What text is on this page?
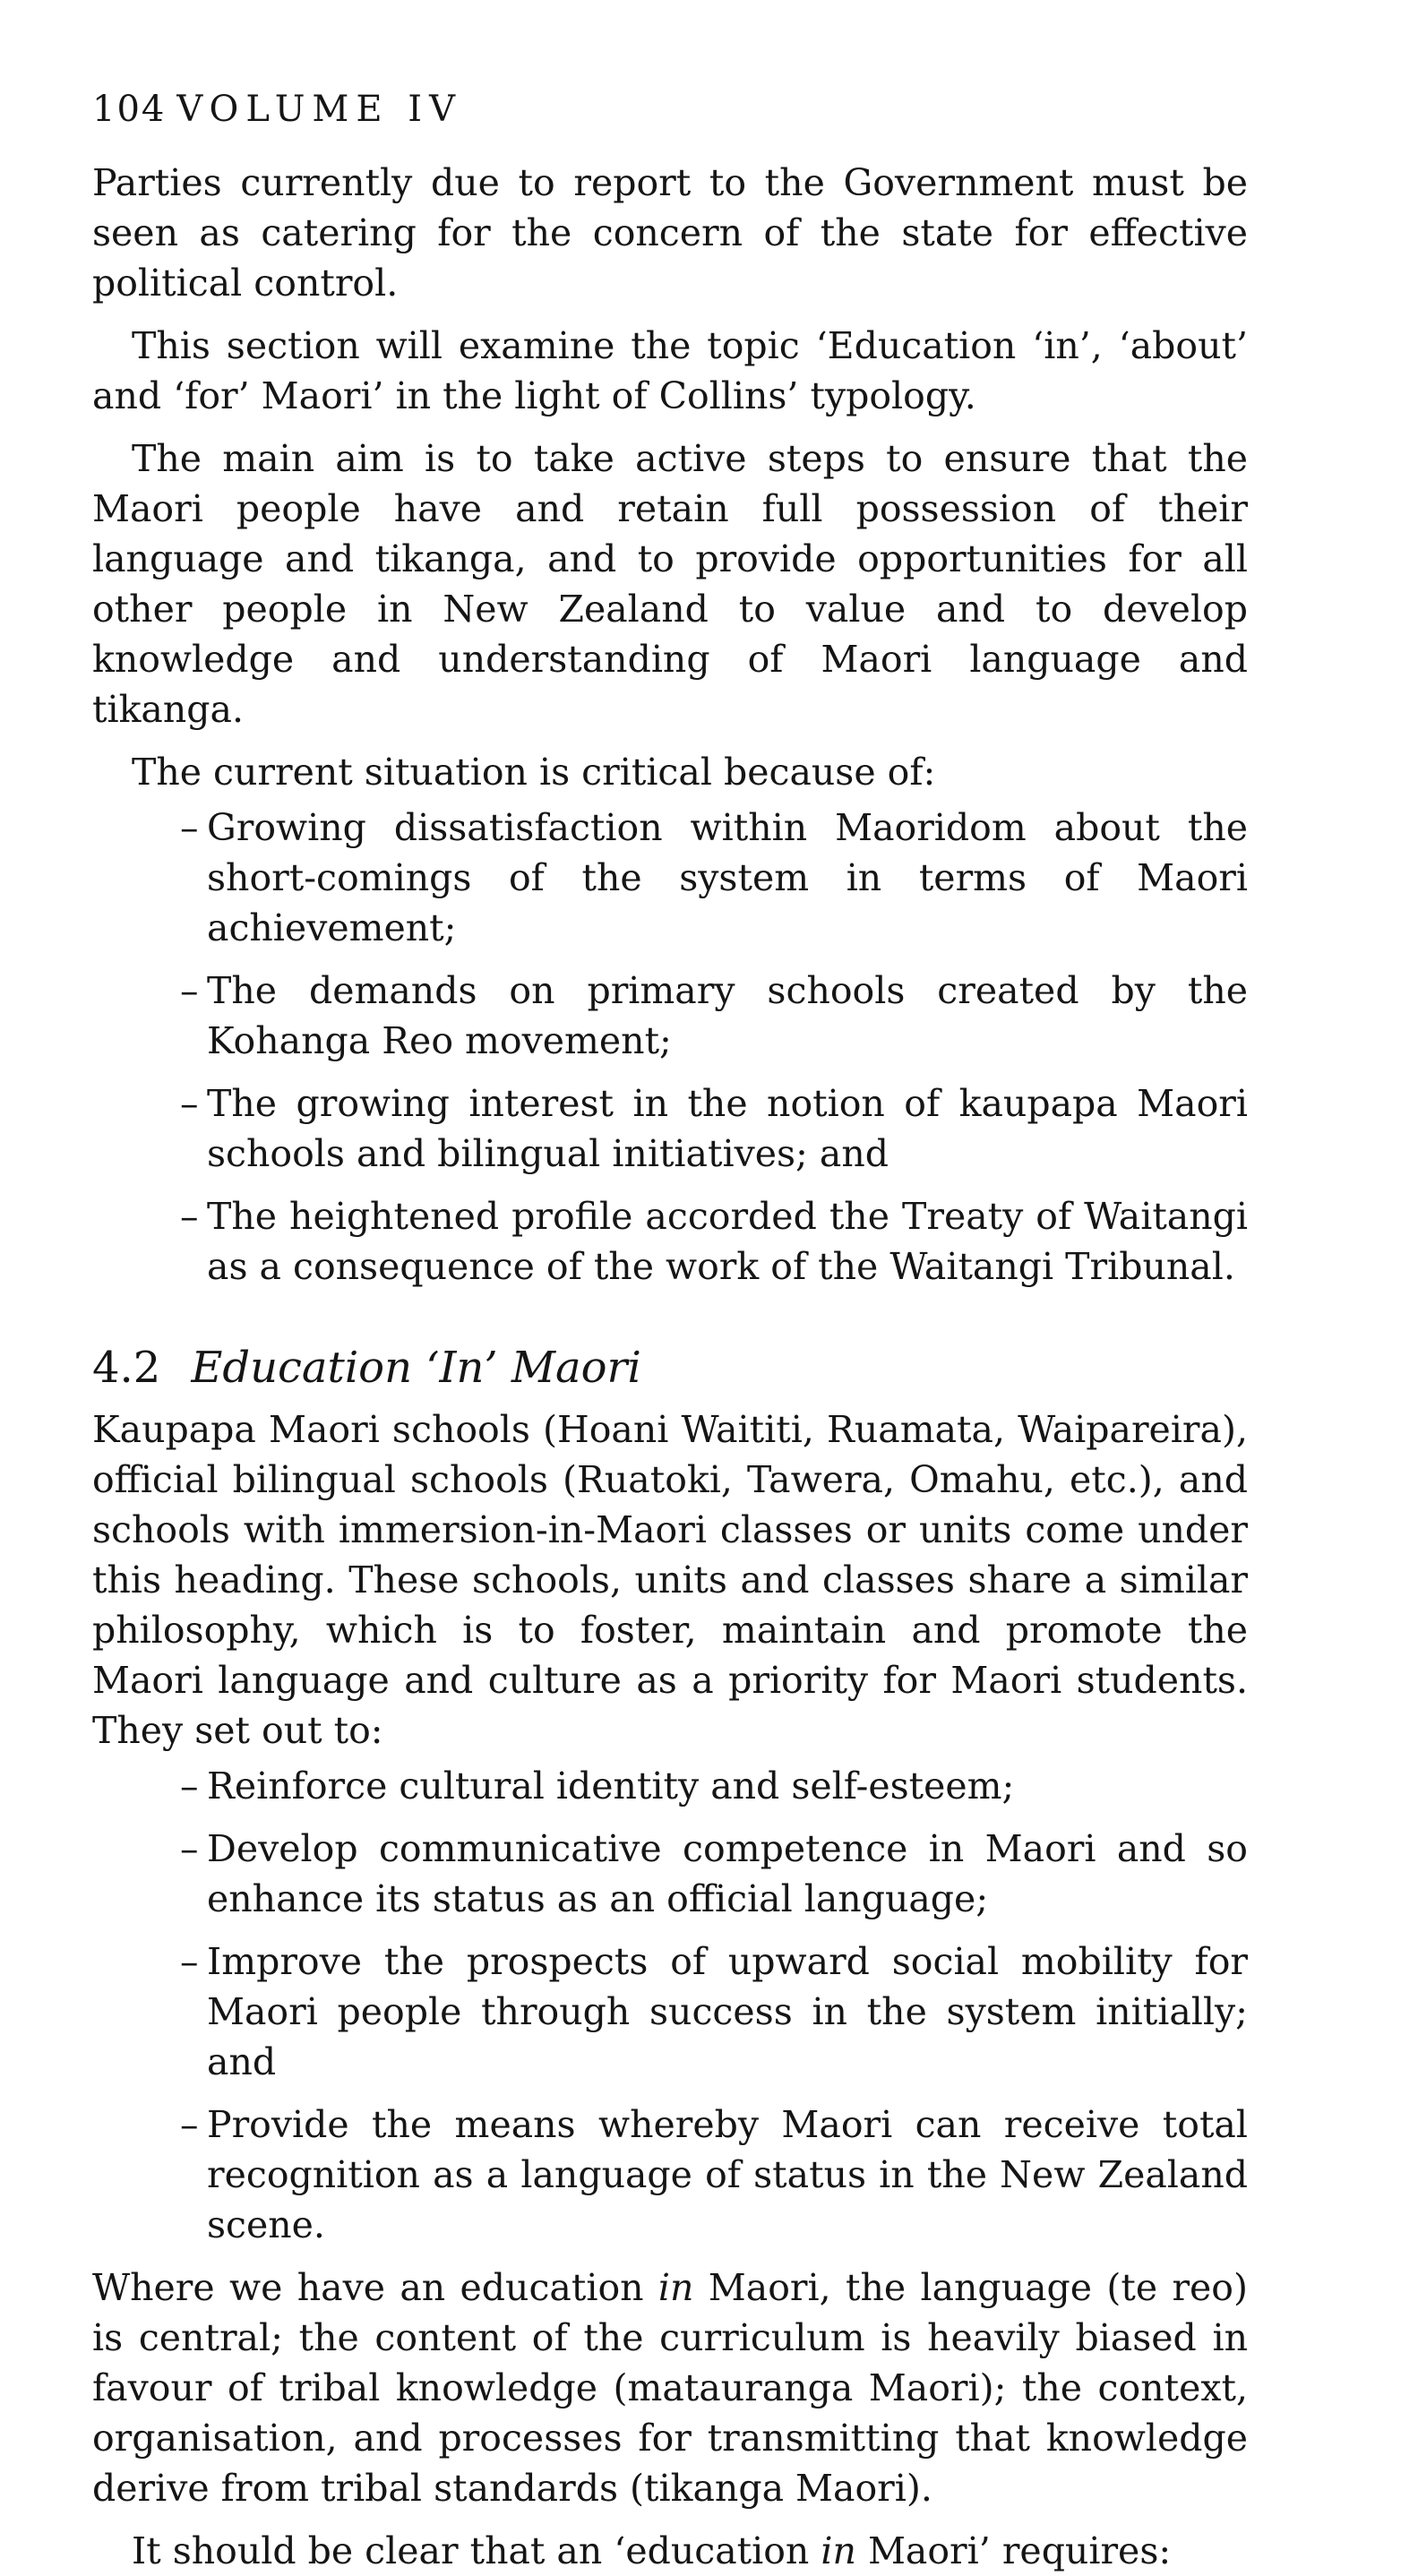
104 VOLUME IV

Parties currently due to report to the Government must be seen as catering for the concern of the state for effective political control.

This section will examine the topic ‘Education ‘in’, ‘about’ and ‘for’ Maori’ in the light of Collins’ typology.

The main aim is to take active steps to ensure that the Maori people have and retain full possession of their language and tikanga, and to provide opportunities for all other people in New Zealand to value and to develop knowledge and understanding of Maori language and tikanga.

The current situation is critical because of:

– Growing dissatisfaction within Maoridom about the short-comings of the system in terms of Maori achievement;
– The demands on primary schools created by the Kohanga Reo movement;
– The growing interest in the notion of kaupapa Maori schools and bilingual initiatives; and
– The heightened profile accorded the Treaty of Waitangi as a consequence of the work of the Waitangi Tribunal.
4.2 Education ‘In’ Maori

Kaupapa Maori schools (Hoani Waititi, Ruamata, Waipareira), official bilingual schools (Ruatoki, Tawera, Omahu, etc.), and schools with immersion-in-Maori classes or units come under this heading. These schools, units and classes share a similar philosophy, which is to foster, maintain and promote the Maori language and culture as a priority for Maori students. They set out to:

– Reinforce cultural identity and self-esteem;
– Develop communicative competence in Maori and so enhance its status as an official language;
– Improve the prospects of upward social mobility for Maori people through success in the system initially; and
– Provide the means whereby Maori can receive total recognition as a language of status in the New Zealand scene.

Where we have an education in Maori, the language (te reo) is central; the content of the curriculum is heavily biased in favour of tribal knowledge (matauranga Maori); the context, organisation, and processes for transmitting that knowledge derive from tribal standards (tikanga Maori).

It should be clear that an ‘education in Maori’ requires:
